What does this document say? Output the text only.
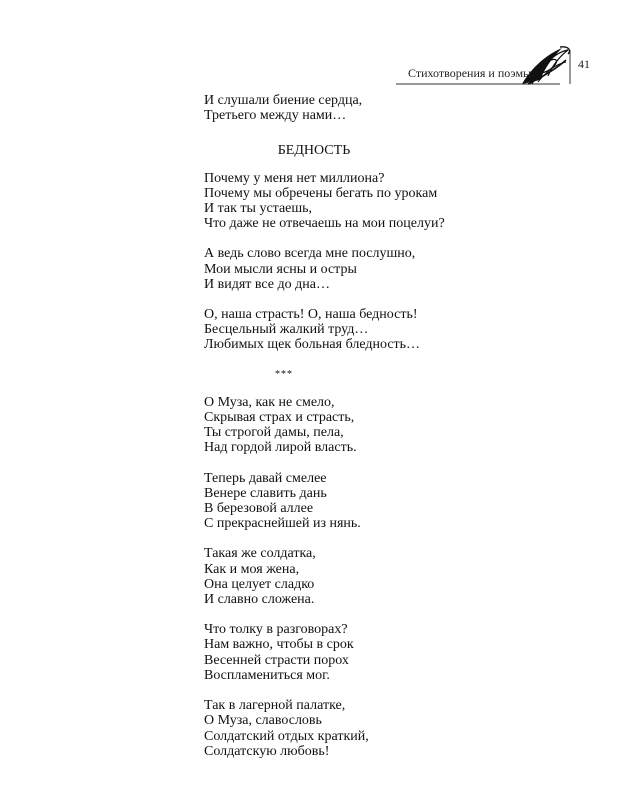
Стихотворения и поэмы
41
И слушали биение сердца,
Третьего между нами…
БЕДНОСТЬ
Почему у меня нет миллиона?
Почему мы обречены бегать по урокам
И так ты устаешь,
Что даже не отвечаешь на мои поцелуи?
А ведь слово всегда мне послушно,
Мои мысли ясны и остры
И видят все до дна…
О, наша страсть! О, наша бедность!
Бесцельный жалкий труд…
Любимых щек больная бледность…
***
О Муза, как не смело,
Скрывая страх и страсть,
Ты строгой дамы, пела,
Над гордой лирой власть.
Теперь давай смелее
Венере славить дань
В березовой аллее
С прекраснейшей из нянь.
Такая же солдатка,
Как и моя жена,
Она целует сладко
И славно сложена.
Что толку в разговорах?
Нам важно, чтобы в срок
Весенней страсти порох
Воспламениться мог.
Так в лагерной палатке,
О Муза, славословь
Солдатский отдых краткий,
Солдатскую любовь!
